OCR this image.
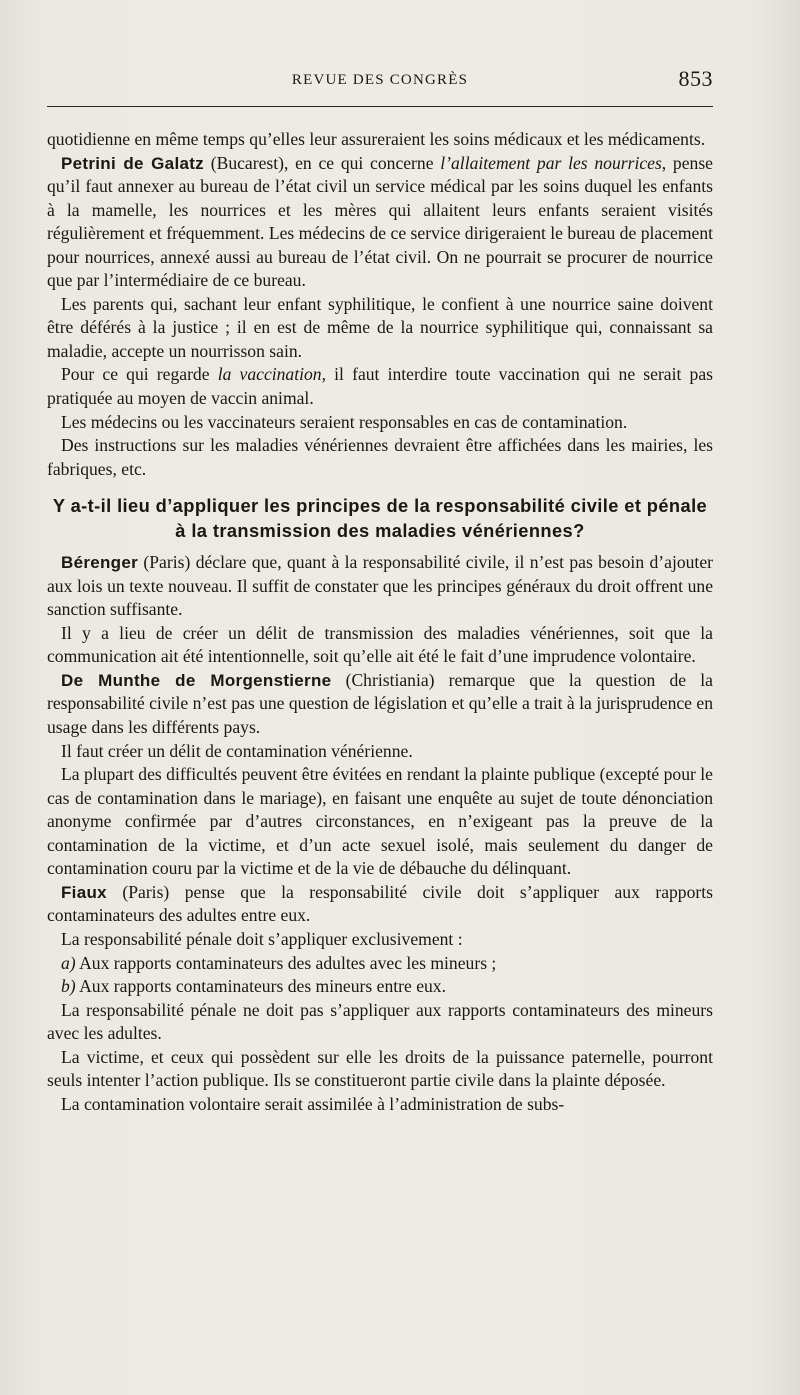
REVUE DES CONGRÈS	853

quotidienne en même temps qu’elles leur assureraient les soins médicaux et les médicaments.

Petrini de Galatz (Bucarest), en ce qui concerne l’allaitement par les nourrices, pense qu’il faut annexer au bureau de l’état civil un service médical par les soins duquel les enfants à la mamelle, les nourrices et les mères qui allaitent leurs enfants seraient visités régulièrement et fréquemment. Les médecins de ce service dirigeraient le bureau de placement pour nourrices, annexé aussi au bureau de l’état civil. On ne pourrait se procurer de nourrice que par l’intermédiaire de ce bureau.

Les parents qui, sachant leur enfant syphilitique, le confient à une nourrice saine doivent être déférés à la justice ; il en est de même de la nourrice syphilitique qui, connaissant sa maladie, accepte un nourrisson sain.

Pour ce qui regarde la vaccination, il faut interdire toute vaccination qui ne serait pas pratiquée au moyen de vaccin animal.

Les médecins ou les vaccinateurs seraient responsables en cas de contamination.

Des instructions sur les maladies vénériennes devraient être affichées dans les mairies, les fabriques, etc.

Y a-t-il lieu d’appliquer les principes de la responsabilité civile et pénale à la transmission des maladies vénériennes?

Bérenger (Paris) déclare que, quant à la responsabilité civile, il n’est pas besoin d’ajouter aux lois un texte nouveau. Il suffit de constater que les principes généraux du droit offrent une sanction suffisante.

Il y a lieu de créer un délit de transmission des maladies vénériennes, soit que la communication ait été intentionnelle, soit qu’elle ait été le fait d’une imprudence volontaire.

De Munthe de Morgenstierne (Christiania) remarque que la question de la responsabilité civile n’est pas une question de législation et qu’elle a trait à la jurisprudence en usage dans les différents pays.

Il faut créer un délit de contamination vénérienne.

La plupart des difficultés peuvent être évitées en rendant la plainte publique (excepté pour le cas de contamination dans le mariage), en faisant une enquête au sujet de toute dénonciation anonyme confirmée par d’autres circonstances, en n’exigeant pas la preuve de la contamination de la victime, et d’un acte sexuel isolé, mais seulement du danger de contamination couru par la victime et de la vie de débauche du délinquant.

Fiaux (Paris) pense que la responsabilité civile doit s’appliquer aux rapports contaminateurs des adultes entre eux.

La responsabilité pénale doit s’appliquer exclusivement :

a) Aux rapports contaminateurs des adultes avec les mineurs ;

b) Aux rapports contaminateurs des mineurs entre eux.

La responsabilité pénale ne doit pas s’appliquer aux rapports contaminateurs des mineurs avec les adultes.

La victime, et ceux qui possèdent sur elle les droits de la puissance paternelle, pourront seuls intenter l’action publique. Ils se constitueront partie civile dans la plainte déposée.

La contamination volontaire serait assimilée à l’administration de subs-
